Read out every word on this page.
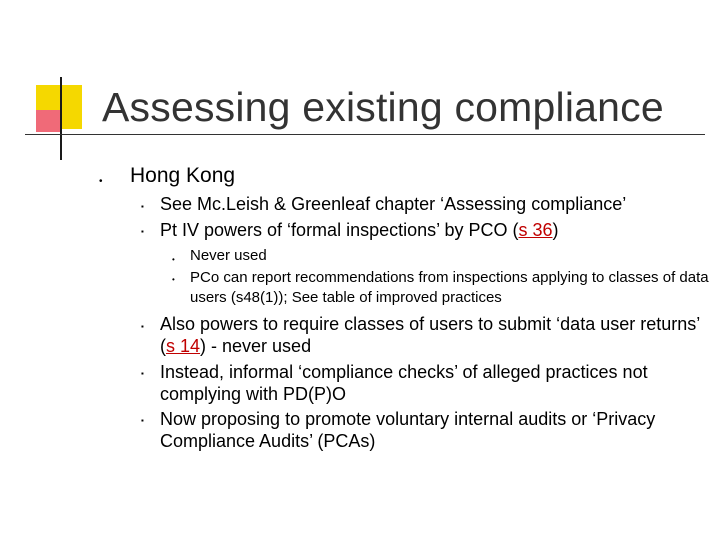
Assessing existing compliance
• Hong Kong
▪ See Mc.Leish & Greenleaf chapter ‘Assessing compliance’
▪ Pt IV powers of ‘formal inspections’ by PCO (s 36)
• Never used
• PCo can report recommendations from inspections applying to classes of data users (s48(1)); See table of improved practices
▪ Also powers to require classes of users to submit ‘data user returns’ (s 14) - never used
▪ Instead, informal ‘compliance checks’ of alleged practices not complying with PD(P)O
▪ Now proposing to promote voluntary internal audits or ‘Privacy Compliance Audits’ (PCAs)
